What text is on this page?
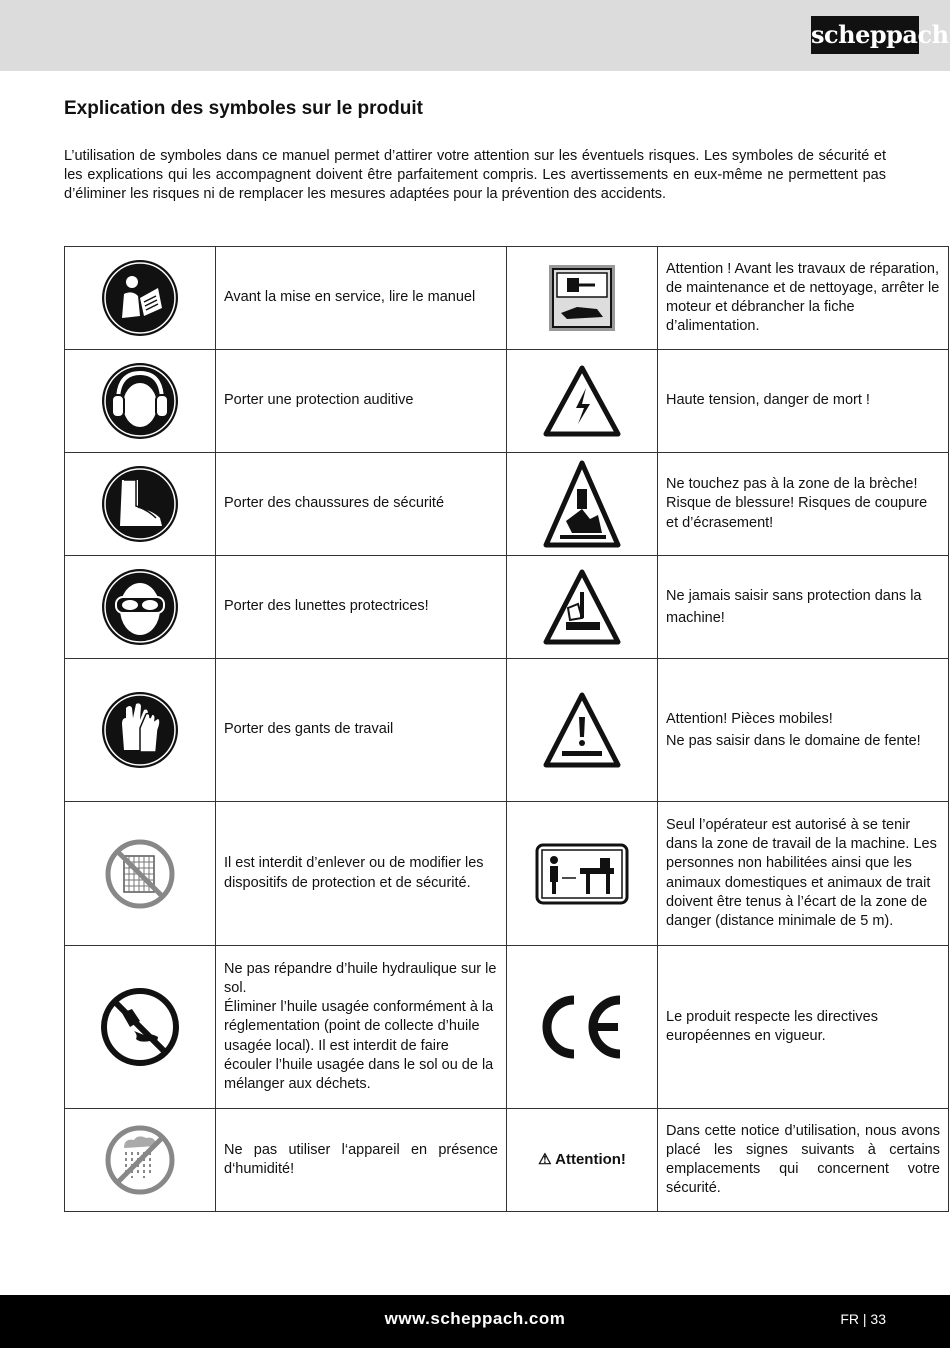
scheppach
Explication des symboles sur le produit

L’utilisation de symboles dans ce manuel permet d’attirer votre attention sur les éventuels risques. Les symboles de sécurité et les explications qui les accompagnent doivent être parfaitement compris. Les avertissements en eux-même ne permettent pas d’éliminer les risques ni de remplacer les mesures adaptées pour la prévention des accidents.

	Avant la mise en service, lire le manuel		Attention ! Avant les travaux de réparation, de maintenance et de nettoyage, arrêter le moteur et débrancher la fiche d’alimentation.

	Porter une protection auditive		Haute tension, danger de mort !

	Porter des chaussures de sécurité		Ne touchez pas à la zone de la brèche!
Risque de blessure! Risques de coupure et d’écrasement!

	Porter des lunettes protectrices!		Ne jamais saisir sans protection dans la machine!

	Porter des gants de travail		Attention! Pièces mobiles!
Ne pas saisir dans le domaine de fente!

	Il est interdit d’enlever ou de modifier les dispositifs de protection et de sécurité.		Seul l’opérateur est autorisé à se tenir dans la zone de travail de la machine. Les personnes non habilitées ainsi que les animaux domestiques et animaux de trait doivent être tenus à l’écart de la zone de danger (distance minimale de 5 m).

	Ne pas répandre d’huile hydraulique sur le sol.
Éliminer l’huile usagée conformément à la réglementation (point de collecte d’huile usagée local). Il est interdit de faire écouler l’huile usagée dans le sol ou de la mélanger aux déchets.		Le produit respecte les directives européennes en vigueur.

	Ne pas utiliser l‘appareil en présence d‘humidité!	⚠ Attention!	Dans cette notice d’utilisation, nous avons placé les signes suivants à certains emplacements qui concernent votre sécurité.
www.scheppach.com	FR | 33
